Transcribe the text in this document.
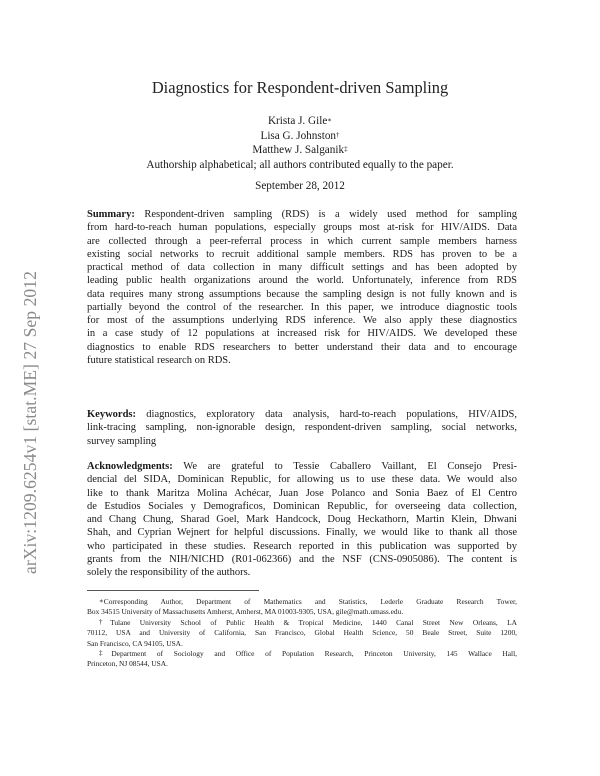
arXiv:1209.6254v1 [stat.ME] 27 Sep 2012
Diagnostics for Respondent-driven Sampling
Krista J. Gile∗
Lisa G. Johnston†
Matthew J. Salganik‡
Authorship alphabetical; all authors contributed equally to the paper.
September 28, 2012
Summary: Respondent-driven sampling (RDS) is a widely used method for sampling
from hard-to-reach human populations, especially groups most at-risk for HIV/AIDS. Data
are collected through a peer-referral process in which current sample members harness
existing social networks to recruit additional sample members. RDS has proven to be a
practical method of data collection in many difficult settings and has been adopted by
leading public health organizations around the world. Unfortunately, inference from RDS
data requires many strong assumptions because the sampling design is not fully known and is
partially beyond the control of the researcher. In this paper, we introduce diagnostic tools
for most of the assumptions underlying RDS inference. We also apply these diagnostics
in a case study of 12 populations at increased risk for HIV/AIDS. We developed these
diagnostics to enable RDS researchers to better understand their data and to encourage
future statistical research on RDS.
Keywords: diagnostics, exploratory data analysis, hard-to-reach populations, HIV/AIDS,
link-tracing sampling, non-ignorable design, respondent-driven sampling, social networks,
survey sampling
Acknowledgments: We are grateful to Tessie Caballero Vaillant, El Consejo Presi-
dencial del SIDA, Dominican Republic, for allowing us to use these data. We would also
like to thank Maritza Molina Achécar, Juan Jose Polanco and Sonia Baez of El Centro
de Estudios Sociales y Demograficos, Dominican Republic, for overseeing data collection,
and Chang Chung, Sharad Goel, Mark Handcock, Doug Heckathorn, Martin Klein, Dhwani
Shah, and Cyprian Wejnert for helpful discussions. Finally, we would like to thank all those
who participated in these studies. Research reported in this publication was supported by
grants from the NIH/NICHD (R01-062366) and the NSF (CNS-0905086). The content is
solely the responsibility of the authors.
∗Corresponding Author, Department of Mathematics and Statistics, Lederle Graduate Research Tower,
Box 34515 University of Massachusetts Amherst, Amherst, MA 01003-9305, USA, gile@math.umass.edu.
†Tulane University School of Public Health & Tropical Medicine, 1440 Canal Street New Orleans, LA
70112, USA and University of California, San Francisco, Global Health Science, 50 Beale Street, Suite 1200,
San Francisco, CA 94105, USA.
‡Department of Sociology and Office of Population Research, Princeton University, 145 Wallace Hall,
Princeton, NJ 08544, USA.
